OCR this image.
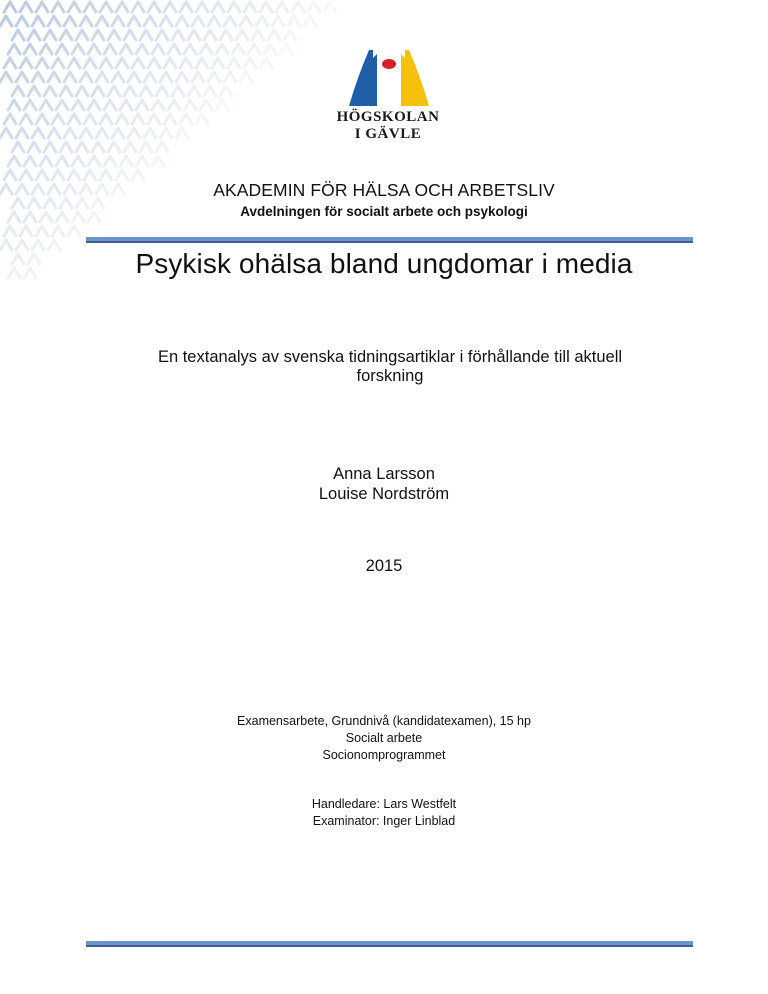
HÖGSKOLAN
I GÄVLE
AKADEMIN FÖR HÄLSA OCH ARBETSLIV
Avdelningen för socialt arbete och psykologi
Psykisk ohälsa bland ungdomar i media
En textanalys av svenska tidningsartiklar i förhållande till aktuell forskning
Anna Larsson
Louise Nordström
2015
Examensarbete, Grundnivå (kandidatexamen), 15 hp
Socialt arbete
Socionomprogrammet
Handledare: Lars Westfelt
Examinator: Inger Linblad
